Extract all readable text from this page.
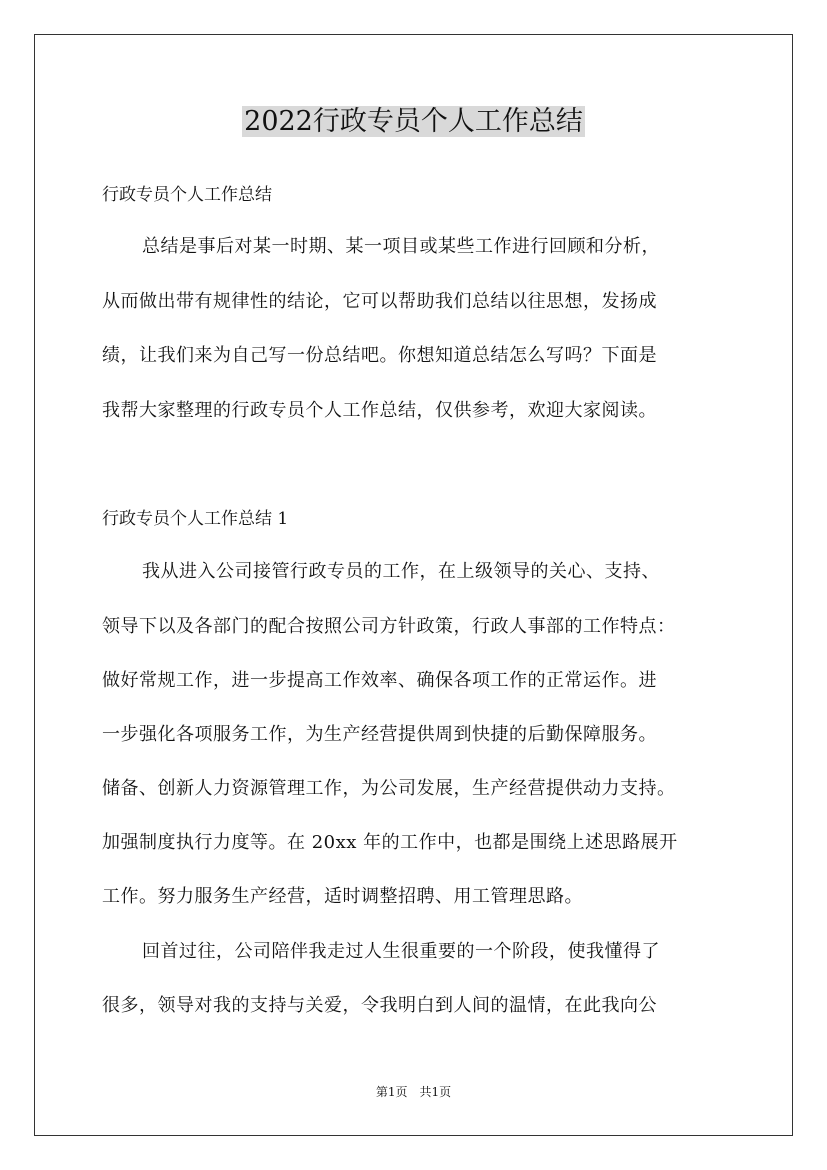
2022行政专员个人工作总结

行政专员个人工作总结

总结是事后对某一时期、某一项目或某些工作进行回顾和分析，

从而做出带有规律性的结论，它可以帮助我们总结以往思想，发扬成

绩，让我们来为自己写一份总结吧。你想知道总结怎么写吗？下面是

我帮大家整理的行政专员个人工作总结，仅供参考，欢迎大家阅读。

行政专员个人工作总结 1

我从进入公司接管行政专员的工作，在上级领导的关心、支持、

领导下以及各部门的配合按照公司方针政策，行政人事部的工作特点：

做好常规工作，进一步提高工作效率、确保各项工作的正常运作。进

一步强化各项服务工作，为生产经营提供周到快捷的后勤保障服务。

储备、创新人力资源管理工作，为公司发展，生产经营提供动力支持。

加强制度执行力度等。在 20xx 年的工作中，也都是围绕上述思路展开

工作。努力服务生产经营，适时调整招聘、用工管理思路。

回首过往，公司陪伴我走过人生很重要的一个阶段，使我懂得了

很多，领导对我的支持与关爱，令我明白到人间的温情，在此我向公

第1页　共1页
